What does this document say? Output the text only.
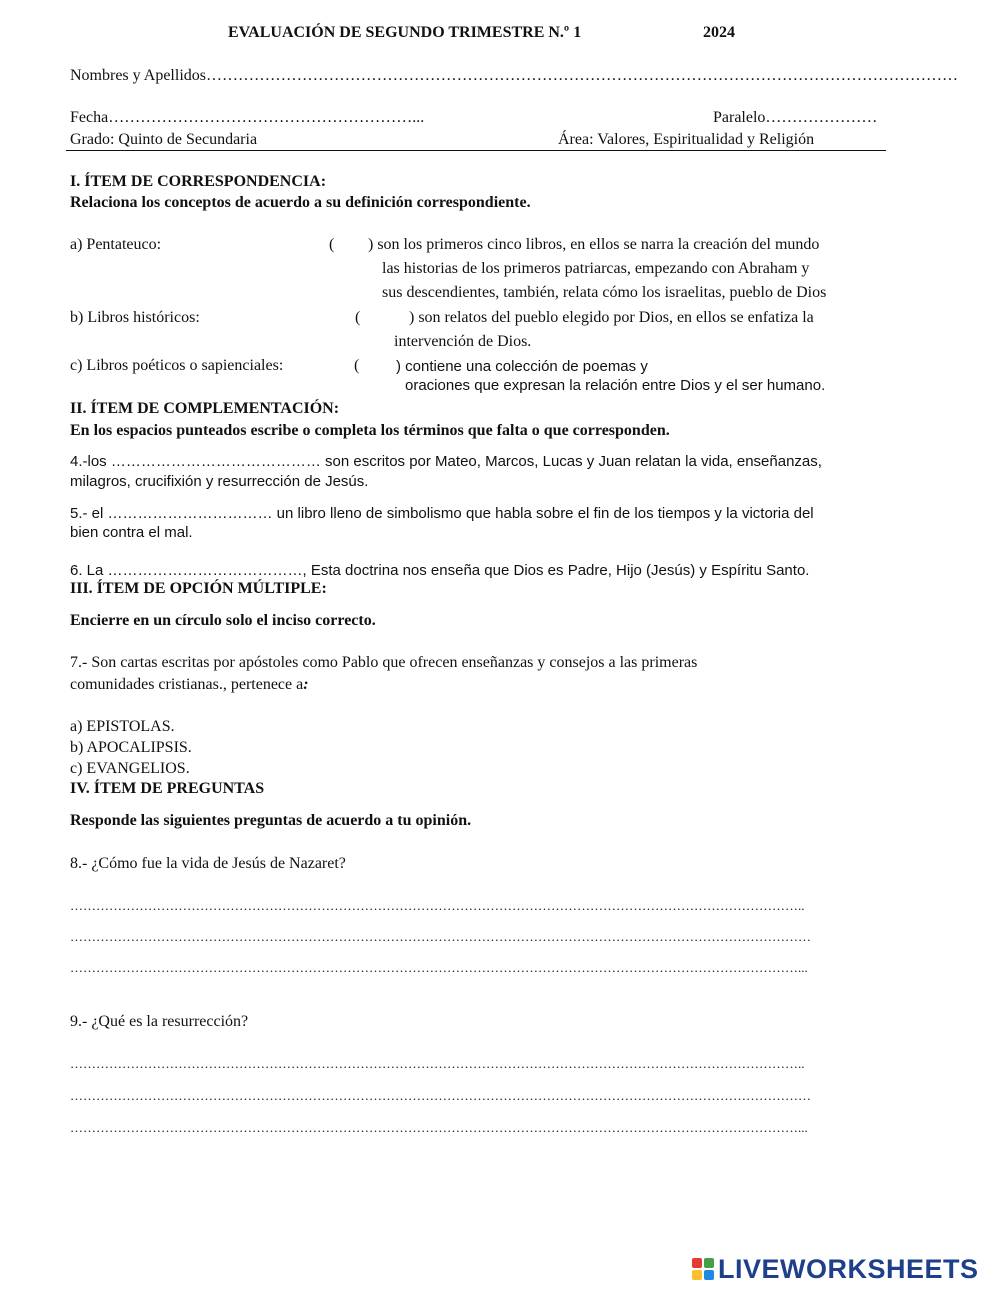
EVALUACIÓN DE SEGUNDO TRIMESTRE N.º 1	2024
Nombres y Apellidos……………………………………………………………………………………………………………………………
Fecha…………………………………………………...	Paralelo…………………
Grado: Quinto de Secundaria	Área: Valores, Espiritualidad y Religión
I. ÍTEM DE CORRESPONDENCIA:
Relaciona los conceptos de acuerdo a su definición correspondiente.
a) Pentateuco:	( ) son los primeros cinco libros, en ellos se narra la creación del mundo
las historias de los primeros patriarcas, empezando con Abraham y
sus descendientes, también, relata cómo los israelitas, pueblo de Dios
b) Libros históricos:	(	) son relatos del pueblo elegido por Dios, en ellos se enfatiza la
intervención de Dios.
c) Libros poéticos o sapienciales:	( ) contiene una colección de poemas y
oraciones que expresan la relación entre Dios y el ser humano.
II. ÍTEM DE COMPLEMENTACIÓN:
En los espacios punteados escribe o completa los términos que falta o que corresponden.
4.-los …………………………………… son escritos por Mateo, Marcos, Lucas y Juan relatan la vida, enseñanzas,
milagros, crucifixión y resurrección de Jesús.
5.- el …………………………… un libro lleno de simbolismo que habla sobre el fin de los tiempos y la victoria del
bien contra el mal.
6. La …………………………………, Esta doctrina nos enseña que Dios es Padre, Hijo (Jesús) y Espíritu Santo.
III. ÍTEM DE OPCIÓN MÚLTIPLE:
Encierre en un círculo solo el inciso correcto.
7.- Son cartas escritas por apóstoles como Pablo que ofrecen enseñanzas y consejos a las primeras
comunidades cristianas., pertenece a:
a) EPISTOLAS.
b) APOCALIPSIS.
c) EVANGELIOS.
IV. ÍTEM DE PREGUNTAS
Responde las siguientes preguntas de acuerdo a tu opinión.
8.- ¿Cómo fue la vida de Jesús de Nazaret?
……………………………………………………………………………………………………………………………………………………..
………………………………………………………………………………………………………………………………………………………
……………………………………………………………………………………………………………………………………………………...
9.- ¿Qué es la resurrección?
……………………………………………………………………………………………………………………………………………………..
………………………………………………………………………………………………………………………………………………………
……………………………………………………………………………………………………………………………………………………...
LIVEWORKSHEETS
